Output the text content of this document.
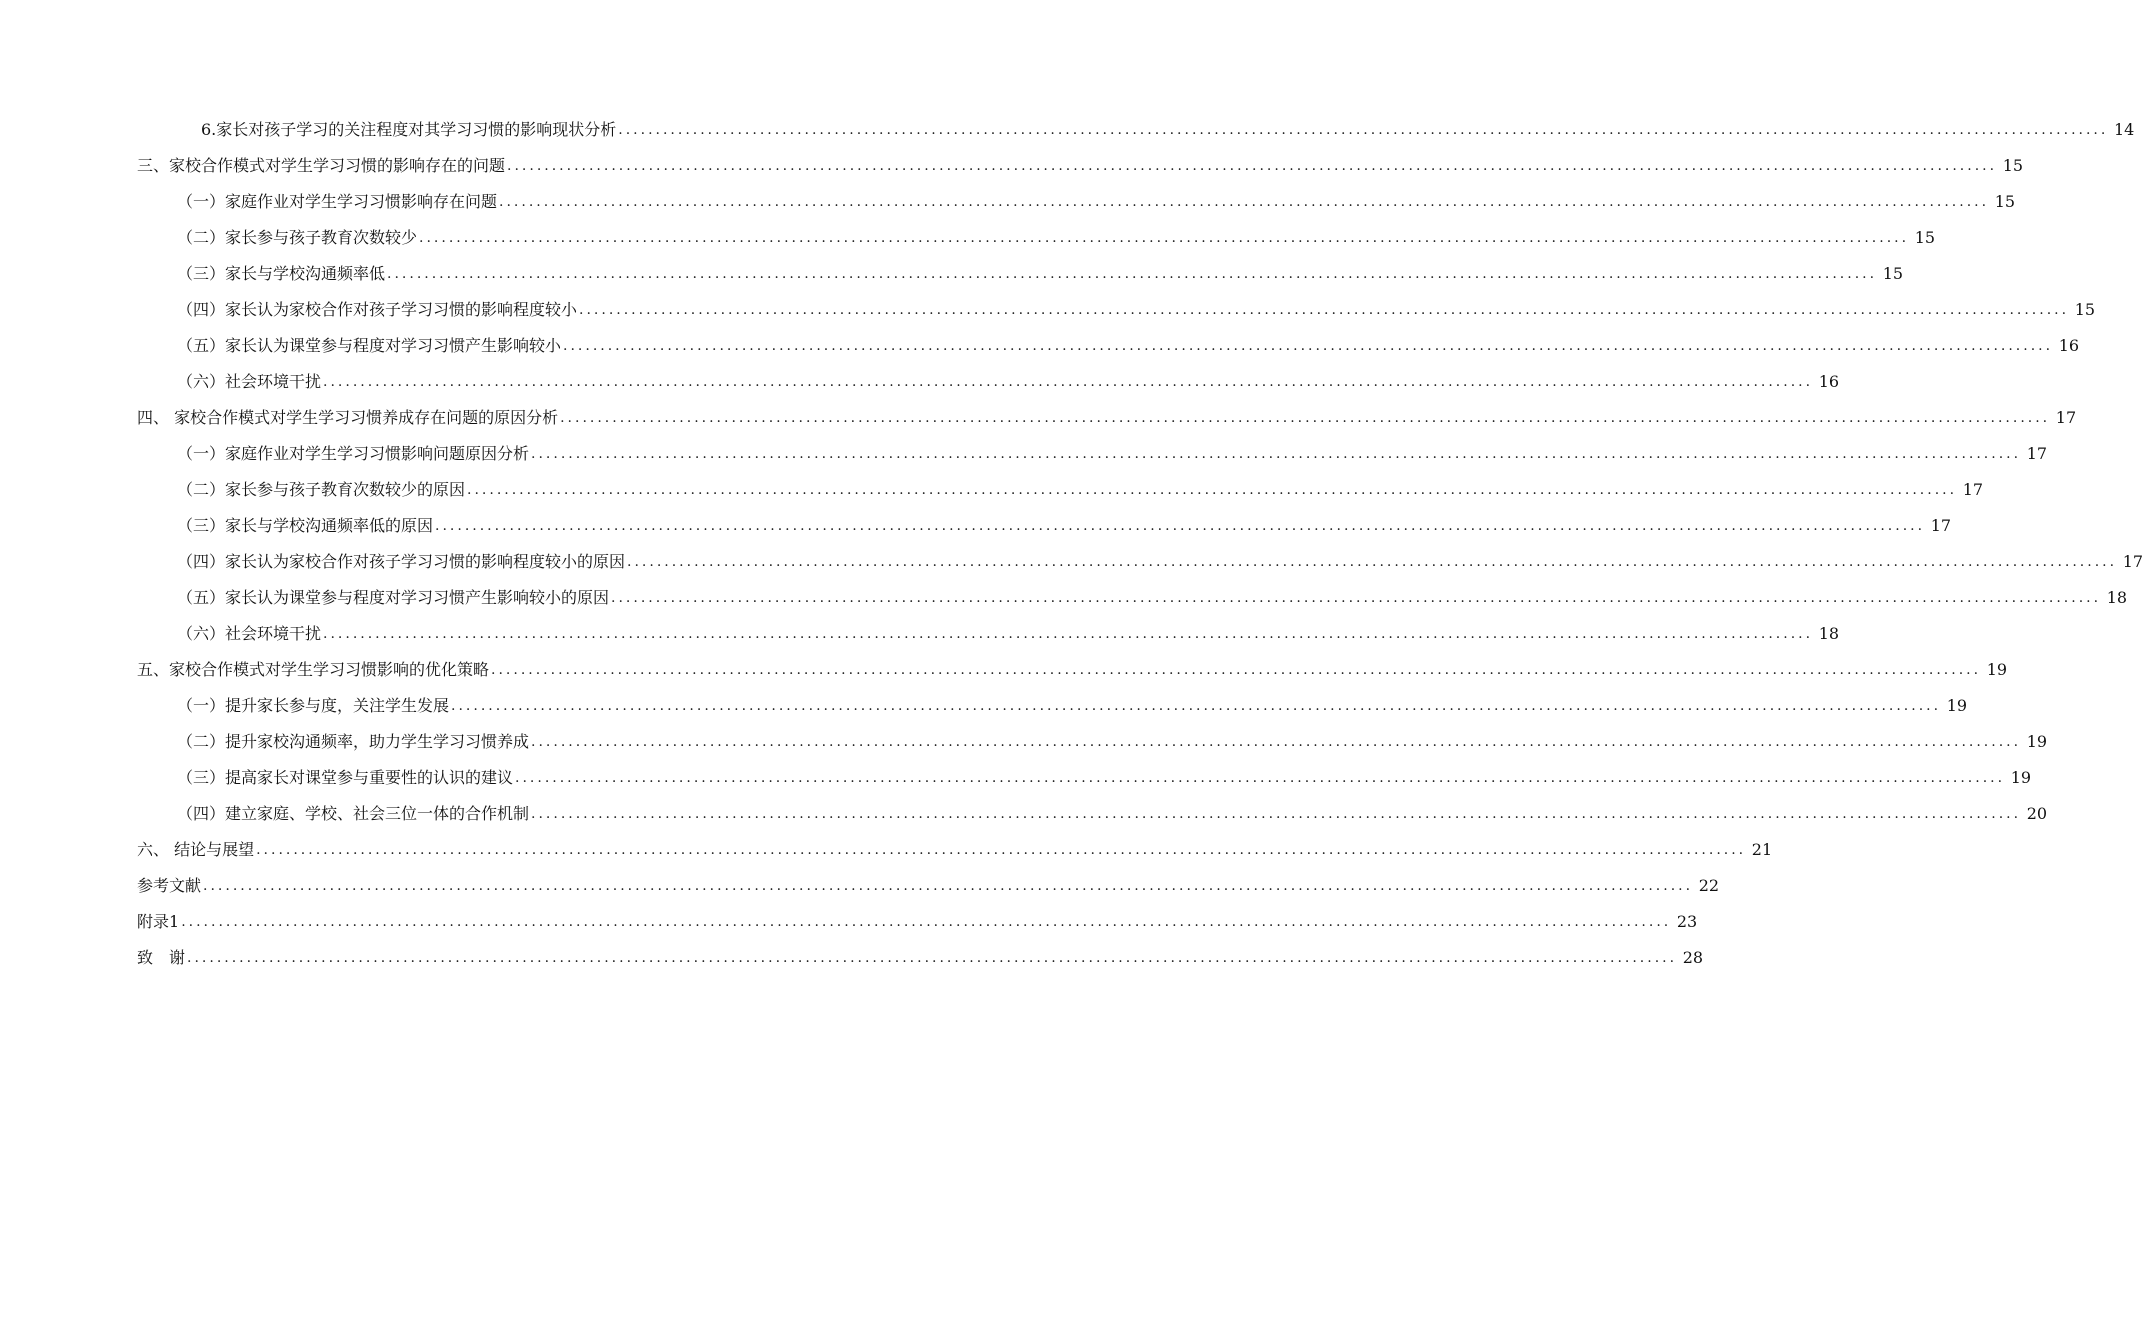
6.家长对孩子学习的关注程度对其学习习惯的影响现状分析 ........................................................................................................................................................................................................ 14
三、家校合作模式对学生学习习惯的影响存在的问题 ........................................................................................................................................................................................................ 15
（一）家庭作业对学生学习习惯影响存在问题 ........................................................................................................................................................................................................ 15
（二）家长参与孩子教育次数较少 ........................................................................................................................................................................................................ 15
（三）家长与学校沟通频率低 ........................................................................................................................................................................................................ 15
（四）家长认为家校合作对孩子学习习惯的影响程度较小 ........................................................................................................................................................................................................ 15
（五）家长认为课堂参与程度对学习习惯产生影响较小 ........................................................................................................................................................................................................ 16
（六）社会环境干扰 ........................................................................................................................................................................................................ 16
四、 家校合作模式对学生学习习惯养成存在问题的原因分析 ........................................................................................................................................................................................................ 17
（一）家庭作业对学生学习习惯影响问题原因分析 ........................................................................................................................................................................................................ 17
（二）家长参与孩子教育次数较少的原因 ........................................................................................................................................................................................................ 17
（三）家长与学校沟通频率低的原因 ........................................................................................................................................................................................................ 17
（四）家长认为家校合作对孩子学习习惯的影响程度较小的原因 ........................................................................................................................................................................................................ 17
（五）家长认为课堂参与程度对学习习惯产生影响较小的原因 ........................................................................................................................................................................................................ 18
（六）社会环境干扰 ........................................................................................................................................................................................................ 18
五、家校合作模式对学生学习习惯影响的优化策略 ........................................................................................................................................................................................................ 19
（一）提升家长参与度，关注学生发展 ........................................................................................................................................................................................................ 19
（二）提升家校沟通频率，助力学生学习习惯养成 ........................................................................................................................................................................................................ 19
（三）提高家长对课堂参与重要性的认识的建议 ........................................................................................................................................................................................................ 19
（四）建立家庭、学校、社会三位一体的合作机制 ........................................................................................................................................................................................................ 20
六、 结论与展望 ........................................................................................................................................................................................................ 21
参考文献 ........................................................................................................................................................................................................ 22
附录1 ........................................................................................................................................................................................................ 23
致　谢 ........................................................................................................................................................................................................ 28
